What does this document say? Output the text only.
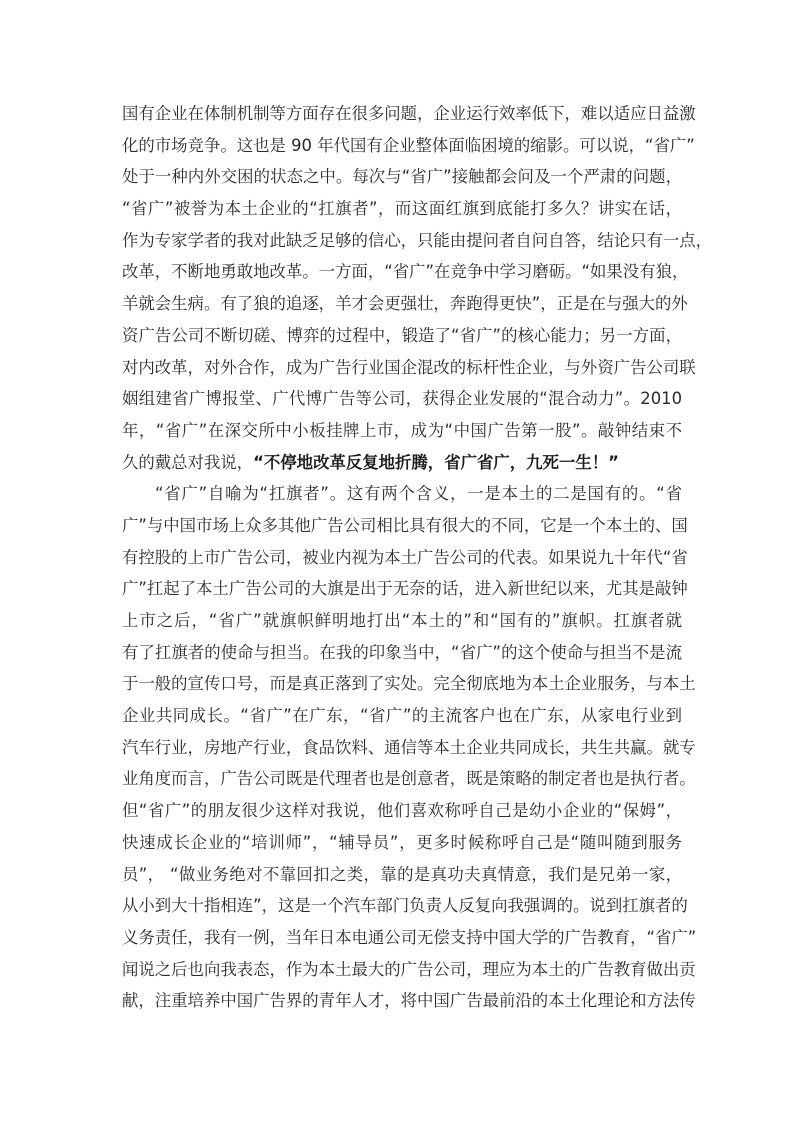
国有企业在体制机制等方面存在很多问题，企业运行效率低下，难以适应日益激
化的市场竞争。这也是 90 年代国有企业整体面临困境的缩影。可以说，“省广”
处于一种内外交困的状态之中。每次与“省广”接触都会问及一个严肃的问题，
“省广”被誉为本土企业的“扛旗者”，而这面红旗到底能打多久？讲实在话，
作为专家学者的我对此缺乏足够的信心，只能由提问者自问自答，结论只有一点，
改革，不断地勇敢地改革。一方面，“省广”在竞争中学习磨砺。“如果没有狼，
羊就会生病。有了狼的追逐，羊才会更强壮，奔跑得更快”，正是在与强大的外
资广告公司不断切磋、博弈的过程中，锻造了“省广”的核心能力；另一方面，
对内改革，对外合作，成为广告行业国企混改的标杆性企业，与外资广告公司联
姻组建省广博报堂、广代博广告等公司，获得企业发展的“混合动力”。2010
年，“省广”在深交所中小板挂牌上市，成为“中国广告第一股”。敲钟结束不
久的戴总对我说，“不停地改革反复地折腾，省广省广，九死一生！”
“省广”自喻为“扛旗者”。这有两个含义，一是本土的二是国有的。“省
广”与中国市场上众多其他广告公司相比具有很大的不同，它是一个本土的、国
有控股的上市广告公司，被业内视为本土广告公司的代表。如果说九十年代“省
广”扛起了本土广告公司的大旗是出于无奈的话，进入新世纪以来，尤其是敲钟
上市之后，“省广”就旗帜鲜明地打出“本土的”和“国有的”旗帜。扛旗者就
有了扛旗者的使命与担当。在我的印象当中，“省广”的这个使命与担当不是流
于一般的宣传口号，而是真正落到了实处。完全彻底地为本土企业服务，与本土
企业共同成长。“省广”在广东，“省广”的主流客户也在广东，从家电行业到
汽车行业，房地产行业，食品饮料、通信等本土企业共同成长，共生共赢。就专
业角度而言，广告公司既是代理者也是创意者，既是策略的制定者也是执行者。
但“省广”的朋友很少这样对我说，他们喜欢称呼自己是幼小企业的“保姆”，
快速成长企业的“培训师”，“辅导员”，更多时候称呼自己是“随叫随到服务
员”， “做业务绝对不靠回扣之类，靠的是真功夫真情意，我们是兄弟一家，
从小到大十指相连”，这是一个汽车部门负责人反复向我强调的。说到扛旗者的
义务责任，我有一例，当年日本电通公司无偿支持中国大学的广告教育，“省广”
闻说之后也向我表态，作为本土最大的广告公司，理应为本土的广告教育做出贡
献，注重培养中国广告界的青年人才，将中国广告最前沿的本土化理论和方法传
